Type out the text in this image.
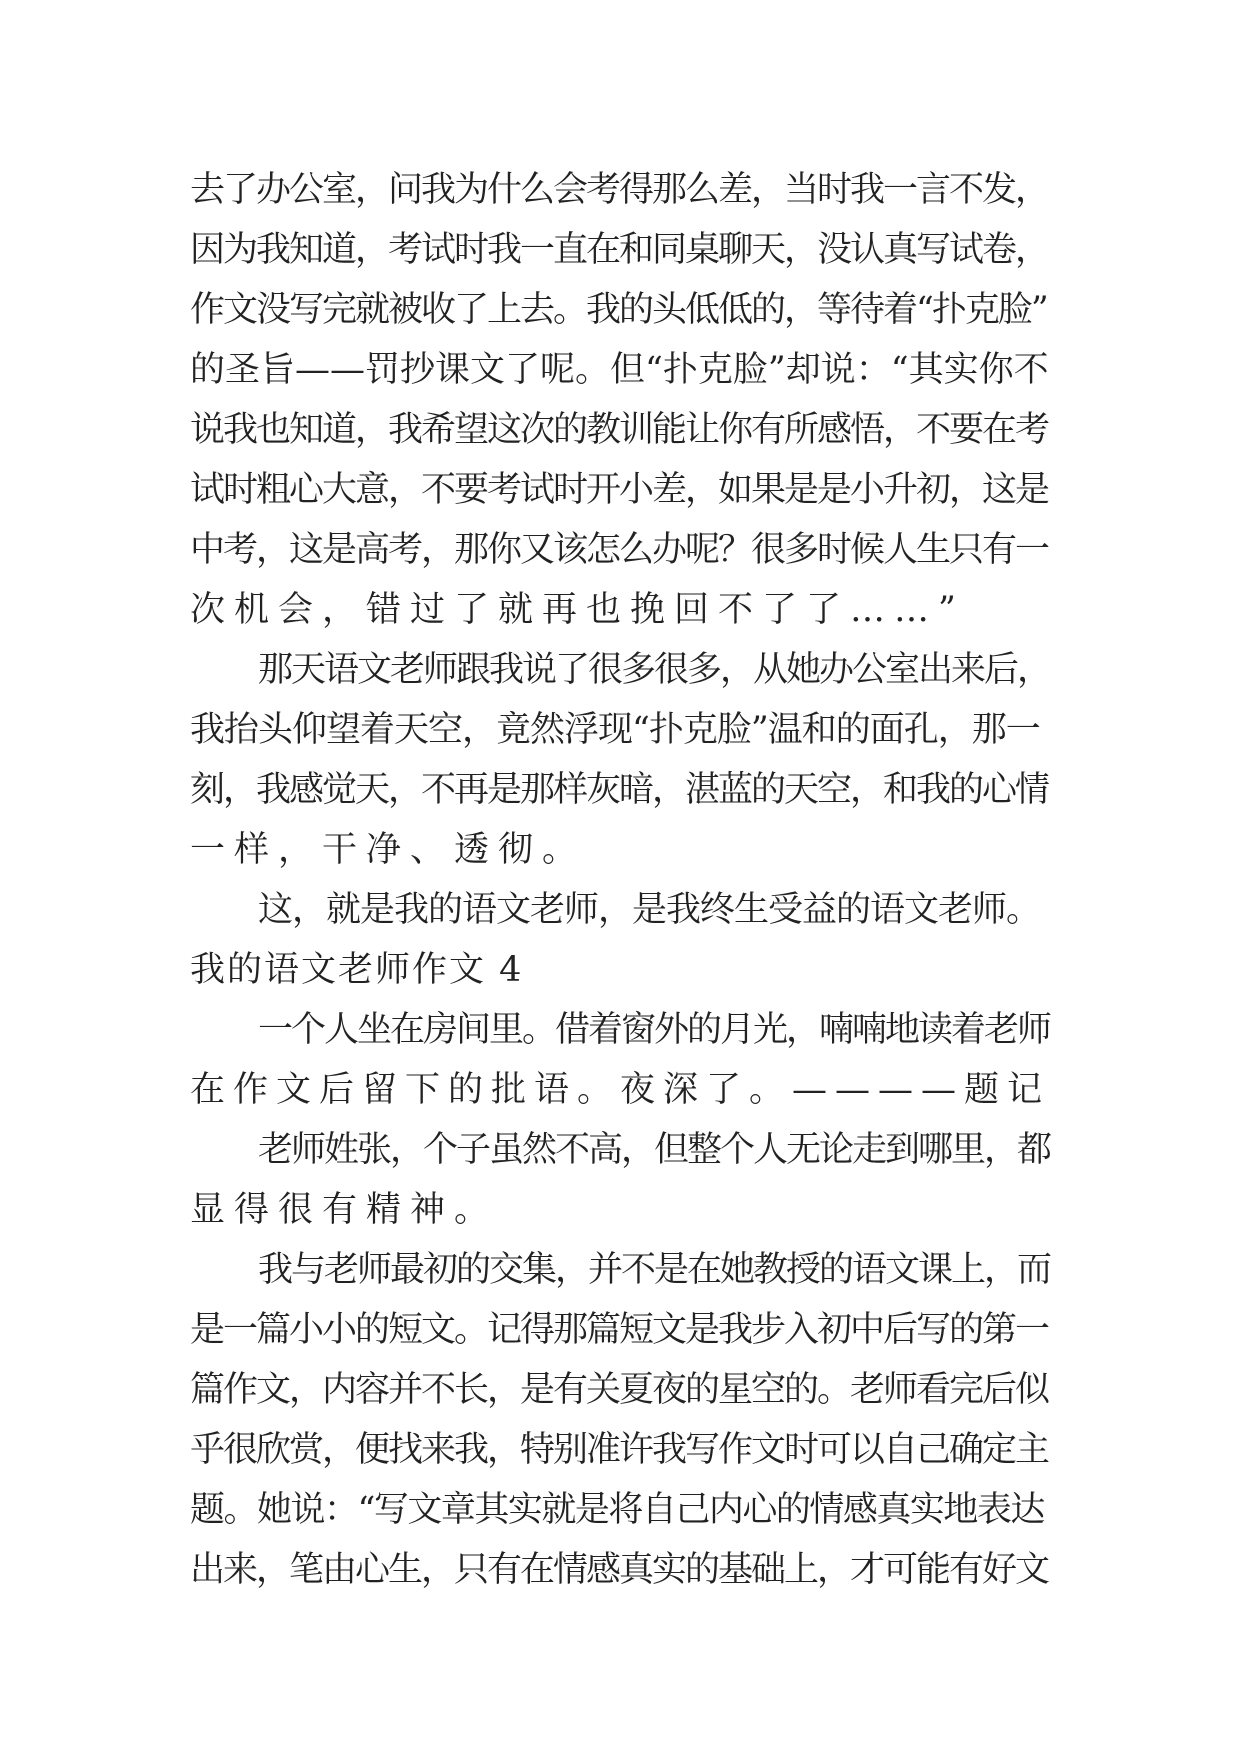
去了办公室，问我为什么会考得那么差，当时我一言不发，
因为我知道，考试时我一直在和同桌聊天，没认真写试卷，
作文没写完就被收了上去。我的头低低的，等待着“扑克脸”
的圣旨——罚抄课文了呢。但“扑克脸”却说：“其实你不
说我也知道，我希望这次的教训能让你有所感悟，不要在考
试时粗心大意，不要考试时开小差，如果是是小升初，这是
中考，这是高考，那你又该怎么办呢？很多时候人生只有一
次机会，错过了就再也挽回不了了……”
那天语文老师跟我说了很多很多，从她办公室出来后，
我抬头仰望着天空，竟然浮现“扑克脸”温和的面孔，那一
刻，我感觉天，不再是那样灰暗，湛蓝的天空，和我的心情
一样，干净、透彻。
这，就是我的语文老师，是我终生受益的语文老师。
我的语文老师作文 4
一个人坐在房间里。借着窗外的月光，喃喃地读着老师
在作文后留下的批语。夜深了。————题记
老师姓张，个子虽然不高，但整个人无论走到哪里，都
显得很有精神。
我与老师最初的交集，并不是在她教授的语文课上，而
是一篇小小的短文。记得那篇短文是我步入初中后写的第一
篇作文，内容并不长，是有关夏夜的星空的。老师看完后似
乎很欣赏，便找来我，特别准许我写作文时可以自己确定主
题。她说：“写文章其实就是将自己内心的情感真实地表达
出来，笔由心生，只有在情感真实的基础上，才可能有好文
